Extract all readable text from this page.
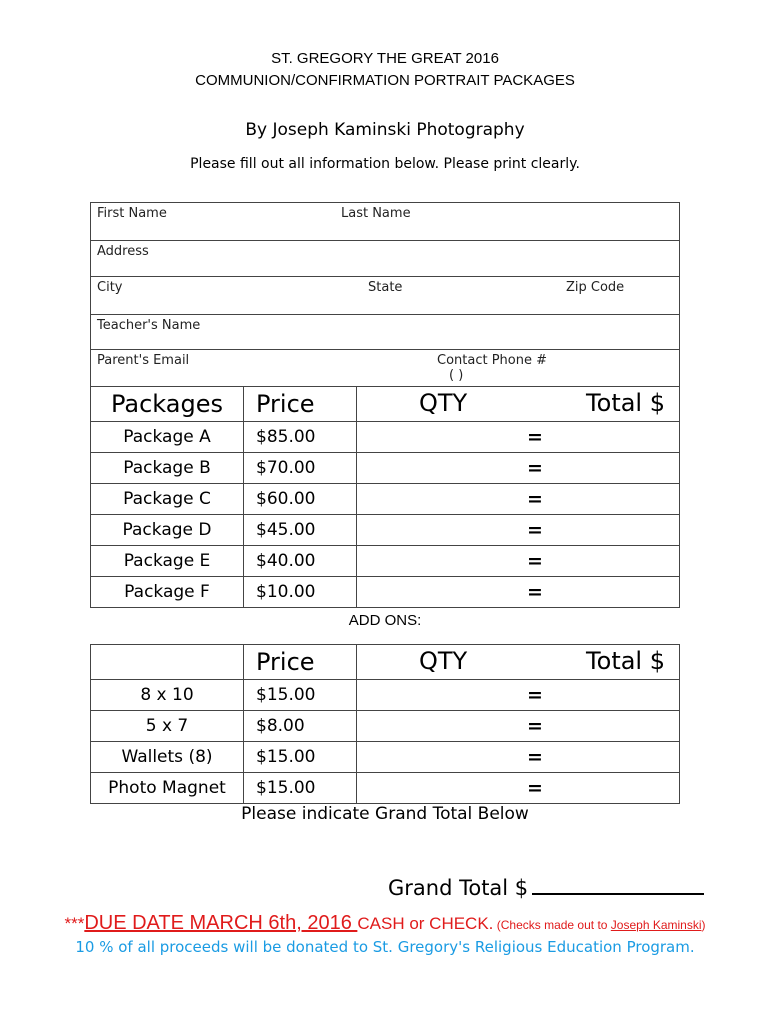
ST. GREGORY THE GREAT 2016
COMMUNION/CONFIRMATION PORTRAIT PACKAGES
By Joseph Kaminski Photography
Please fill out all information below. Please print clearly.
First Name	Last Name
Address
City	State	Zip Code
Teacher's Name
Parent's Email	Contact Phone #
( )
Packages	Price	QTY Total $

Package A	$85.00	=
Package B	$70.00	=
Package C	$60.00	=
Package D	$45.00	=
Package E	$40.00	=
Package F	$10.00	=
ADD ONS:
	Price	QTY Total $

8 x 10	$15.00	=
5 x 7	$8.00	=
Wallets (8)	$15.00	=
Photo Magnet	$15.00	=
Please indicate Grand Total Below
Grand Total $
***DUE DATE MARCH 6th, 2016 CASH or CHECK. (Checks made out to Joseph Kaminski)
10 % of all proceeds will be donated to St. Gregory's Religious Education Program.
